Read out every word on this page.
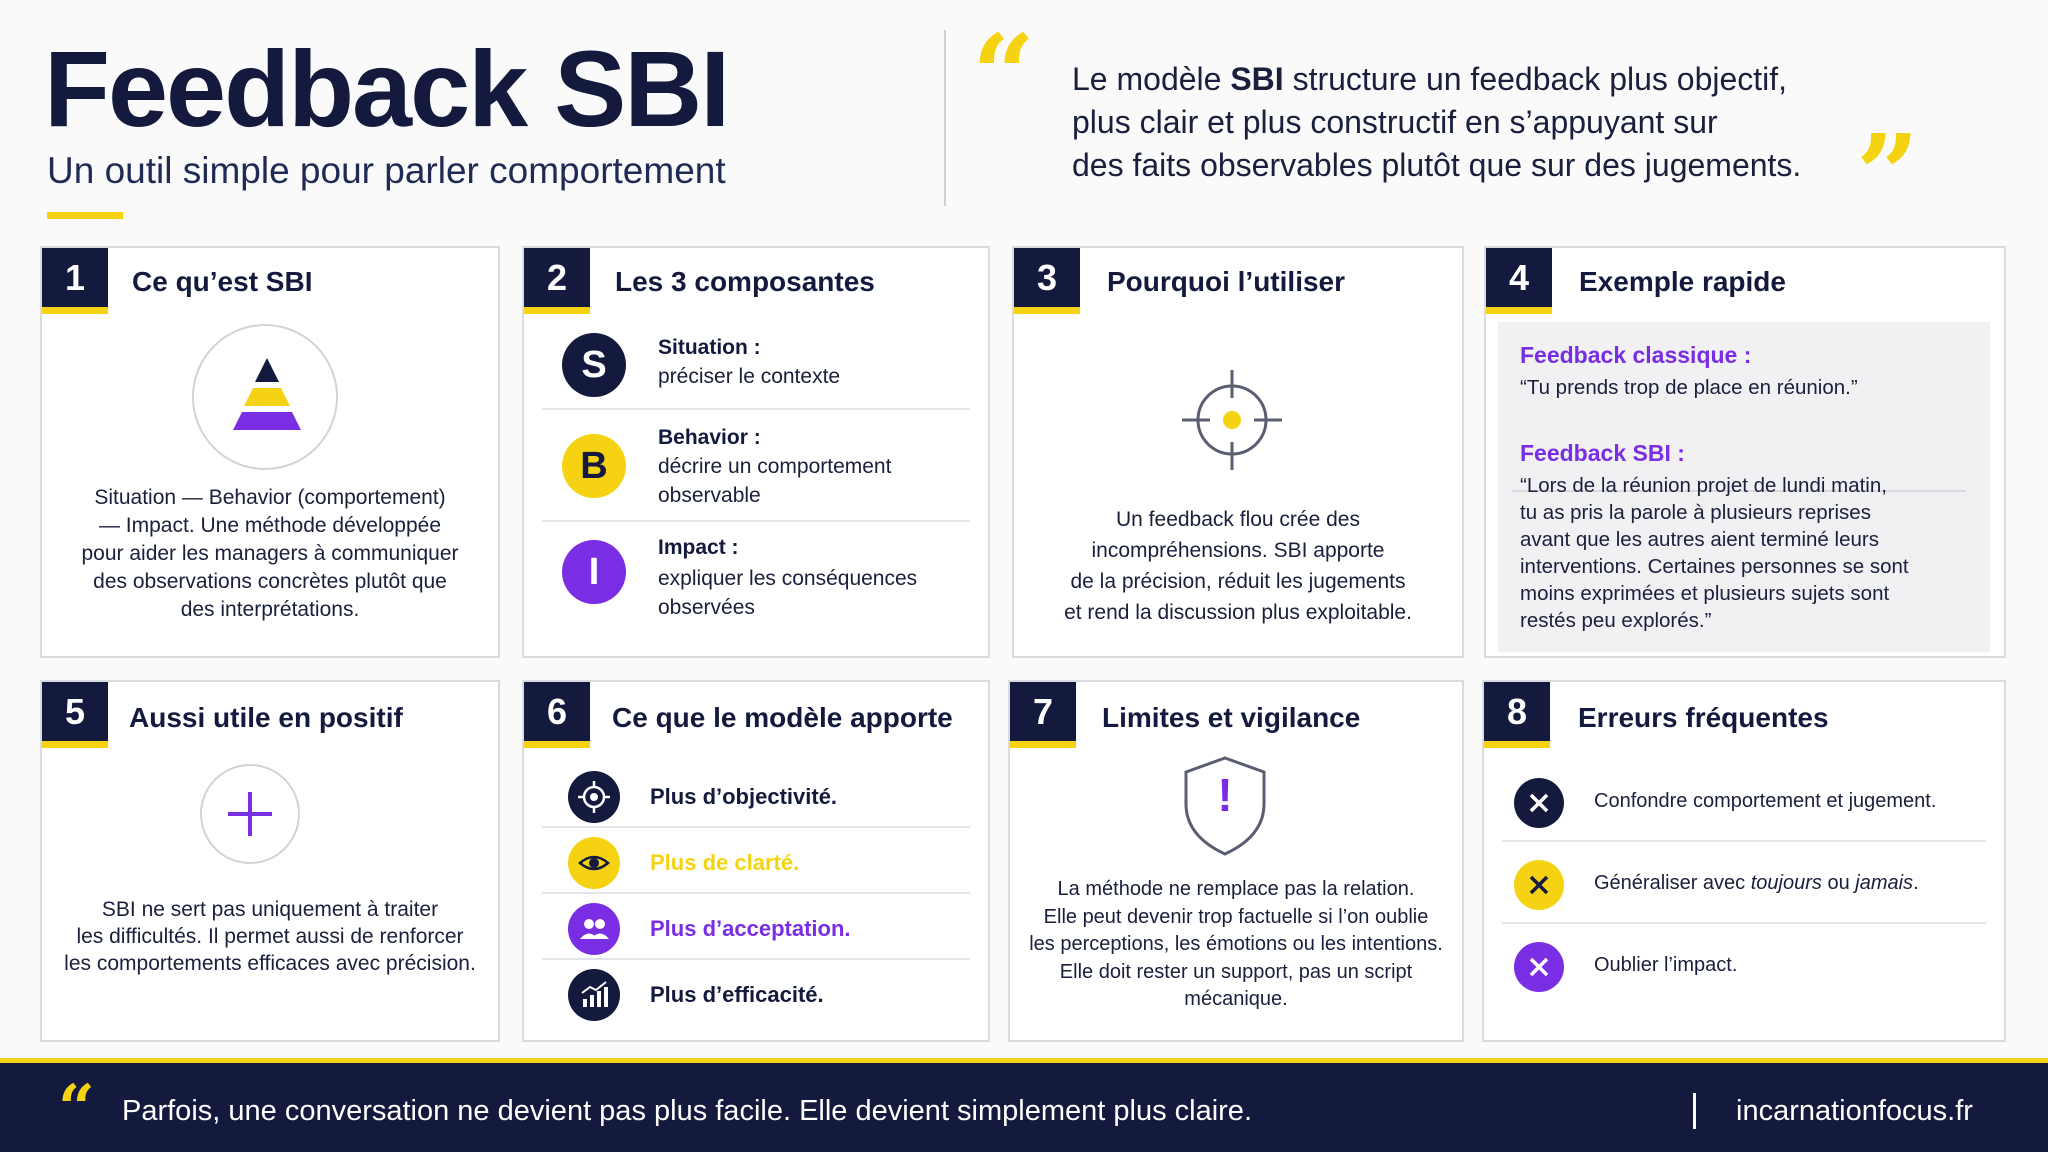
Feedback SBI
Un outil simple pour parler comportement
“ Le modèle SBI structure un feedback plus objectif,
plus clair et plus constructif en s’appuyant sur
des faits observables plutôt que sur des jugements. ”
1	Ce qu’est SBI
Situation — Behavior (comportement)
— Impact. Une méthode développée
pour aider les managers à communiquer
des observations concrètes plutôt que
des interprétations.
2	Les 3 composantes
S	Situation :
préciser le contexte
B
Behavior :
décrire un comportement
observable
I
Impact :
expliquer les conséquences
observées
3	Pourquoi l’utiliser
Un feedback flou crée des
incompréhensions. SBI apporte
de la précision, réduit les jugements
et rend la discussion plus exploitable.
4	Exemple rapide
Feedback classique :
“Tu prends trop de place en réunion.”
Feedback SBI :
“Lors de la réunion projet de lundi matin,
tu as pris la parole à plusieurs reprises
avant que les autres aient terminé leurs
interventions. Certaines personnes se sont
moins exprimées et plusieurs sujets sont
restés peu explorés.”
5	Aussi utile en positif
SBI ne sert pas uniquement à traiter
les difficultés. Il permet aussi de renforcer
les comportements efficaces avec précision.
6	Ce que le modèle apporte
Plus d’objectivité.
Plus de clarté.
Plus d’acceptation.
Plus d’efficacité.
7	Limites et vigilance
!
La méthode ne remplace pas la relation.
Elle peut devenir trop factuelle si l’on oublie
les perceptions, les émotions ou les intentions.
Elle doit rester un support, pas un script
mécanique.
8	Erreurs fréquentes
Confondre comportement et jugement.
Généraliser avec toujours ou jamais.
Oublier l’impact.
“ Parfois, une conversation ne devient pas plus facile. Elle devient simplement plus claire.	incarnationfocus.fr
